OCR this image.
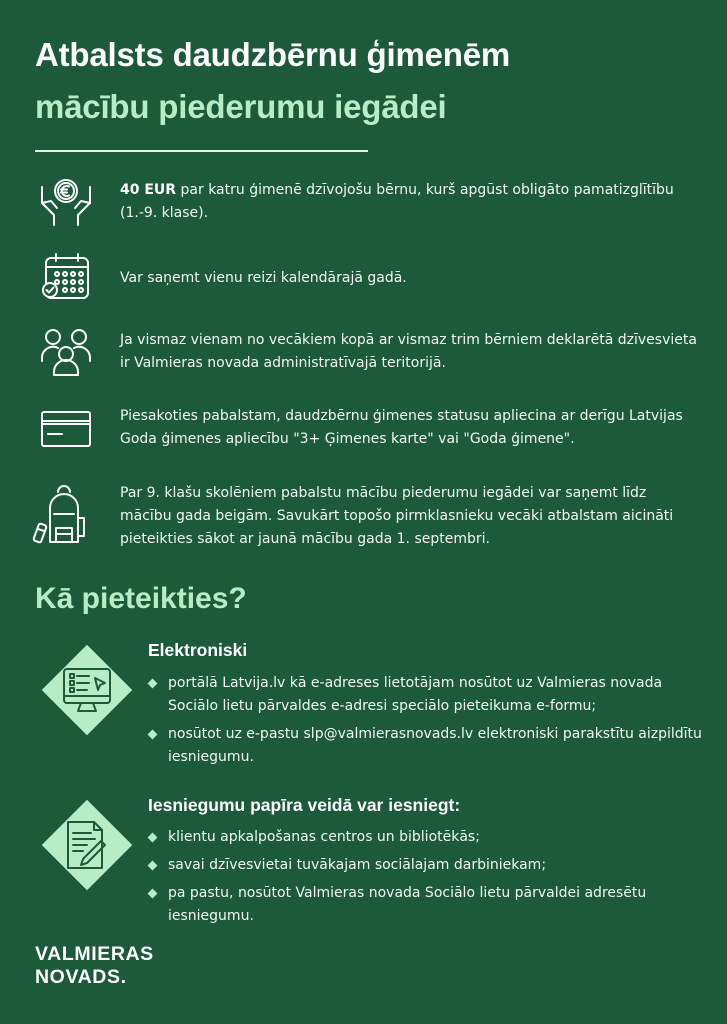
Atbalsts daudzbērnu ģimenēm
mācību piederumu iegādei
40 EUR par katru ģimenē dzīvojošu bērnu, kurš apgūst obligāto pamatizglītību (1.-9. klase).
Var saņemt vienu reizi kalendārajā gadā.
Ja vismaz vienam no vecākiem kopā ar vismaz trim bērniem deklarētā dzīvesvieta ir Valmieras novada administratīvajā teritorijā.
Piesakoties pabalstam, daudzbērnu ģimenes statusu apliecina ar derīgu Latvijas Goda ģimenes apliecību "3+ Ģimenes karte" vai "Goda ģimene".
Par 9. klašu skolēniem pabalstu mācību piederumu iegādei var saņemt līdz mācību gada beigām. Savukārt topošo pirmklasnieku vecāki atbalstam aicināti pieteikties sākot ar jaunā mācību gada 1. septembri.
Kā pieteikties?
Elektroniski
portālā Latvija.lv kā e-adreses lietotājam nosūtot uz Valmieras novada Sociālo lietu pārvaldes e-adresi speciālo pieteikuma e-formu;
nosūtot uz e-pastu slp@valmierasnovads.lv elektroniski parakstītu aizpildītu iesniegumu.
Iesniegumu papīra veidā var iesniegt:
klientu apkalpošanas centros un bibliotēkās;
savai dzīvesvietai tuvākajam sociālajam darbiniekam;
pa pastu, nosūtot Valmieras novada Sociālo lietu pārvaldei adresētu iesniegumu.
VALMIERAS
NOVADS.
